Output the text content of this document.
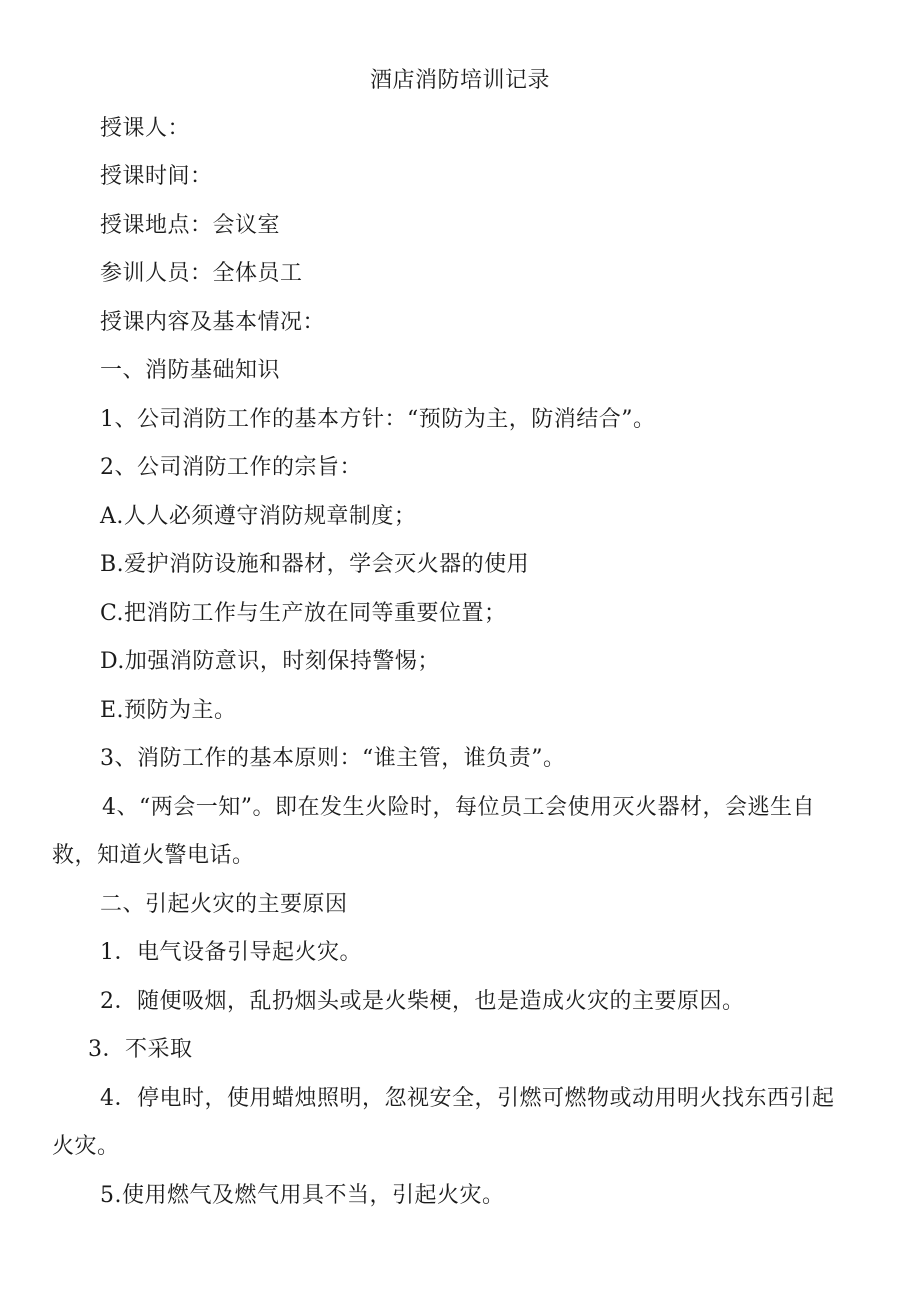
酒店消防培训记录
授课人：
授课时间：
授课地点：会议室
参训人员：全体员工
授课内容及基本情况：
一、消防基础知识
1、公司消防工作的基本方针：“预防为主，防消结合”。
2、公司消防工作的宗旨：
A.人人必须遵守消防规章制度；
B.爱护消防设施和器材，学会灭火器的使用
C.把消防工作与生产放在同等重要位置；
D.加强消防意识，时刻保持警惕；
E.预防为主。
3、消防工作的基本原则：“谁主管，谁负责”。
4、“两会一知”。即在发生火险时，每位员工会使用灭火器材，会逃生自
救，知道火警电话。
二、引起火灾的主要原因
1．电气设备引导起火灾。
2．随便吸烟，乱扔烟头或是火柴梗，也是造成火灾的主要原因。
3．不采取
4．停电时，使用蜡烛照明，忽视安全，引燃可燃物或动用明火找东西引起
火灾。
5.使用燃气及燃气用具不当，引起火灾。
